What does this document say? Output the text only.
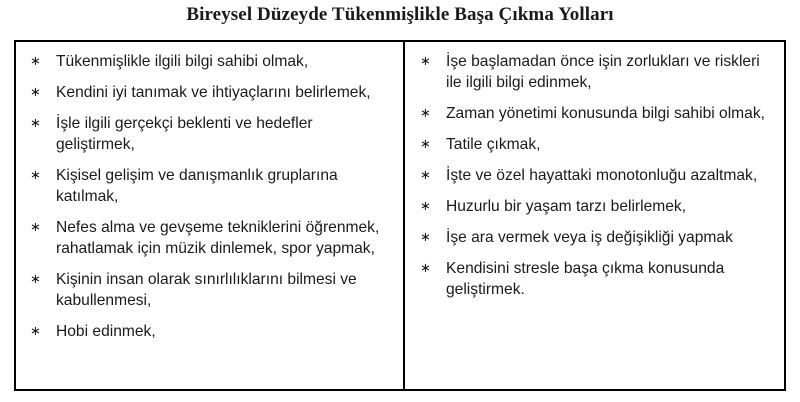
Bireysel Düzeyde Tükenmişlikle Başa Çıkma Yolları
∗ Tükenmişlikle ilgili bilgi sahibi olmak,
∗ Kendini iyi tanımak ve ihtiyaçlarını belirlemek,
∗ İşle ilgili gerçekçi beklenti ve hedefler geliştirmek,
∗ Kişisel gelişim ve danışmanlık gruplarına katılmak,
∗ Nefes alma ve gevşeme tekniklerini öğrenmek, rahatlamak için müzik dinlemek, spor yapmak,
∗ Kişinin insan olarak sınırlılıklarını bilmesi ve kabullenmesi,
∗ Hobi edinmek,
∗ İşe başlamadan önce işin zorlukları ve riskleri ile ilgili bilgi edinmek,
∗ Zaman yönetimi konusunda bilgi sahibi olmak,
∗ Tatile çıkmak,
∗ İşte ve özel hayattaki monotonluğu azaltmak,
∗ Huzurlu bir yaşam tarzı belirlemek,
∗ İşe ara vermek veya iş değişikliği yapmak
∗ Kendisini stresle başa çıkma konusunda geliştirmek.
